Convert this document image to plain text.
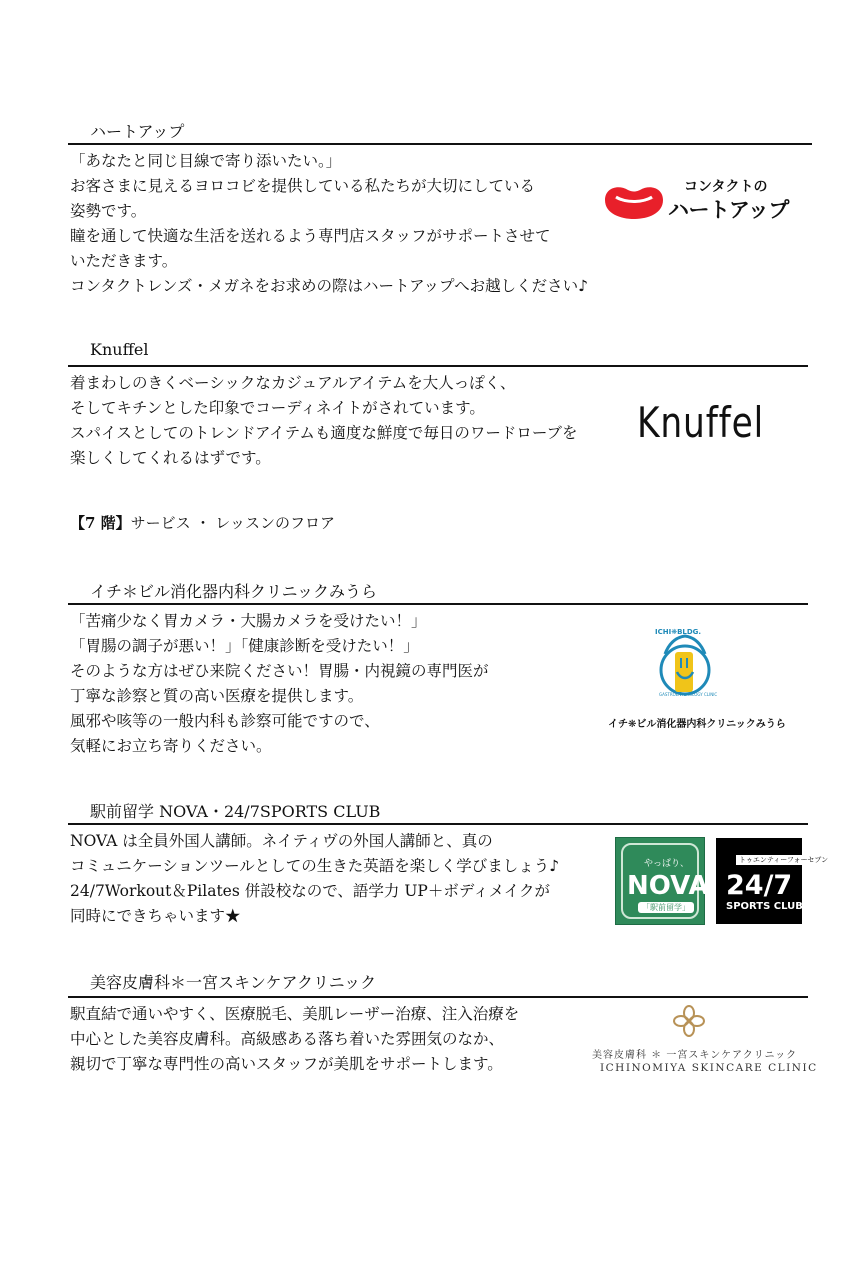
ハートアップ
「あなたと同じ目線で寄り添いたい。」
お客さまに見えるヨロコビを提供している私たちが大切にしている
姿勢です。
瞳を通して快適な生活を送れるよう専門店スタッフがサポートさせて
いただきます。
コンタクトレンズ・メガネをお求めの際はハートアップへお越しください♪
コンタクトの
ハートアップ
Knuffel
着まわしのきくベーシックなカジュアルアイテムを大人っぽく、
そしてキチンとした印象でコーディネイトがされています。
スパイスとしてのトレンドアイテムも適度な鮮度で毎日のワードローブを
楽しくしてくれるはずです。
Knuffel
【7 階】サービス ・ レッスンのフロア
イチ＊ビル消化器内科クリニックみうら
「苦痛少なく胃カメラ・大腸カメラを受けたい！」
「胃腸の調子が悪い！」「健康診断を受けたい！」
そのような方はぜひ来院ください！胃腸・内視鏡の専門医が
丁寧な診察と質の高い医療を提供します。
風邪や咳等の一般内科も診察可能ですので、
気軽にお立ち寄りください。
GASTROENTEROLOGY CLINIC
ICHI❋BLDG.
イチ❋ビル消化器内科クリニックみうら
駅前留学 NOVA・24/7SPORTS CLUB
NOVA は全員外国人講師。ネイティヴの外国人講師と、真の
コミュニケーションツールとしての生きた英語を楽しく学びましょう♪
24/7Workout＆Pilates 併設校なので、語学力 UP＋ボディメイクが
同時にできちゃいます★
やっぱり、
NOVA
「駅前留学」
トゥエンティーフォーセブン
24/7
SPORTS CLUB
美容皮膚科＊一宮スキンケアクリニック
駅直結で通いやすく、医療脱毛、美肌レーザー治療、注入治療を
中心とした美容皮膚科。高級感ある落ち着いた雰囲気のなか、
親切で丁寧な専門性の高いスタッフが美肌をサポートします。	美容皮膚科 ＊ 一宮スキンケアクリニック
ICHINOMIYA SKINCARE CLINIC
